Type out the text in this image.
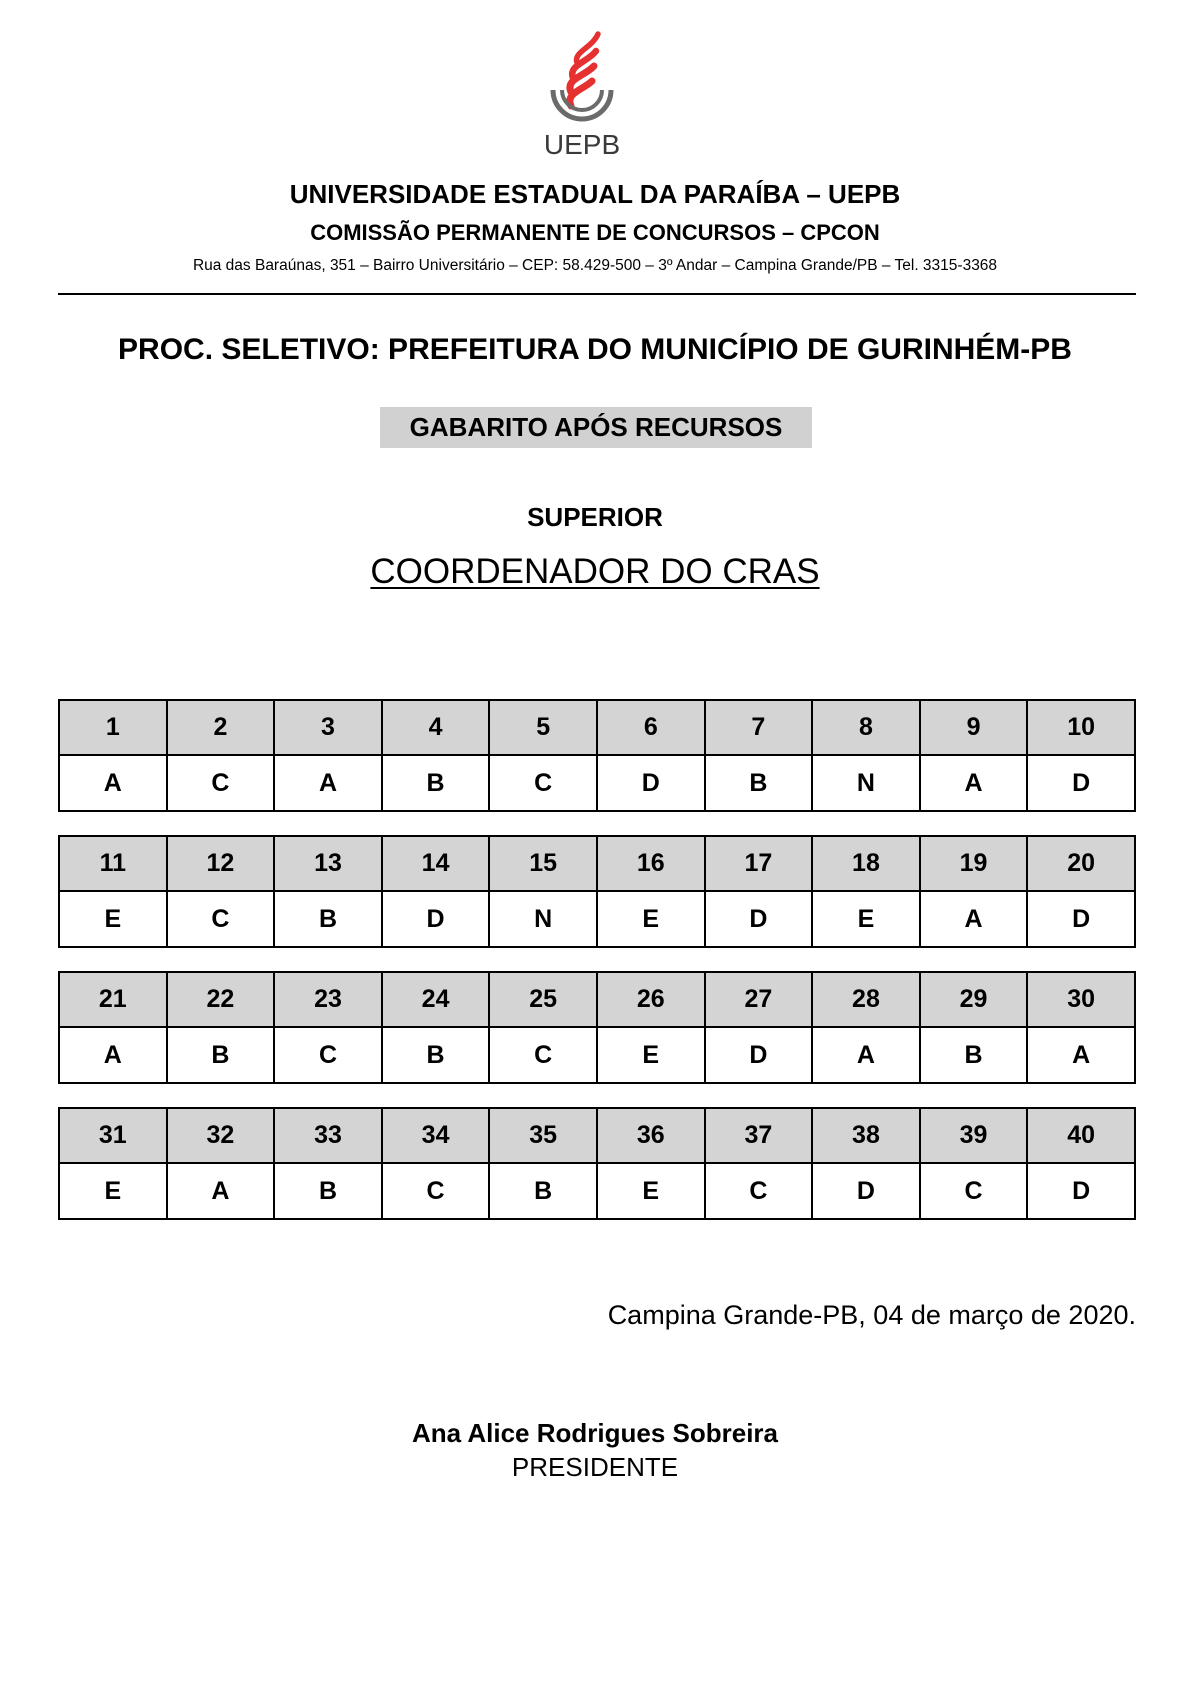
UEPB
UNIVERSIDADE ESTADUAL DA PARAÍBA – UEPB
COMISSÃO PERMANENTE DE CONCURSOS – CPCON
Rua das Baraúnas, 351 – Bairro Universitário – CEP: 58.429-500 – 3º Andar – Campina Grande/PB – Tel. 3315-3368
PROC. SELETIVO: PREFEITURA DO MUNICÍPIO DE GURINHÉM-PB
GABARITO APÓS RECURSOS
SUPERIOR
COORDENADOR DO CRAS
1	2	3	4	5	6	7	8	9	10
A	C	A	B	C	D	B	N	A	D
11	12	13	14	15	16	17	18	19	20
E	C	B	D	N	E	D	E	A	D
21	22	23	24	25	26	27	28	29	30
A	B	C	B	C	E	D	A	B	A
31	32	33	34	35	36	37	38	39	40
E	A	B	C	B	E	C	D	C	D
Campina Grande-PB, 04 de março de 2020.
Ana Alice Rodrigues Sobreira
PRESIDENTE
